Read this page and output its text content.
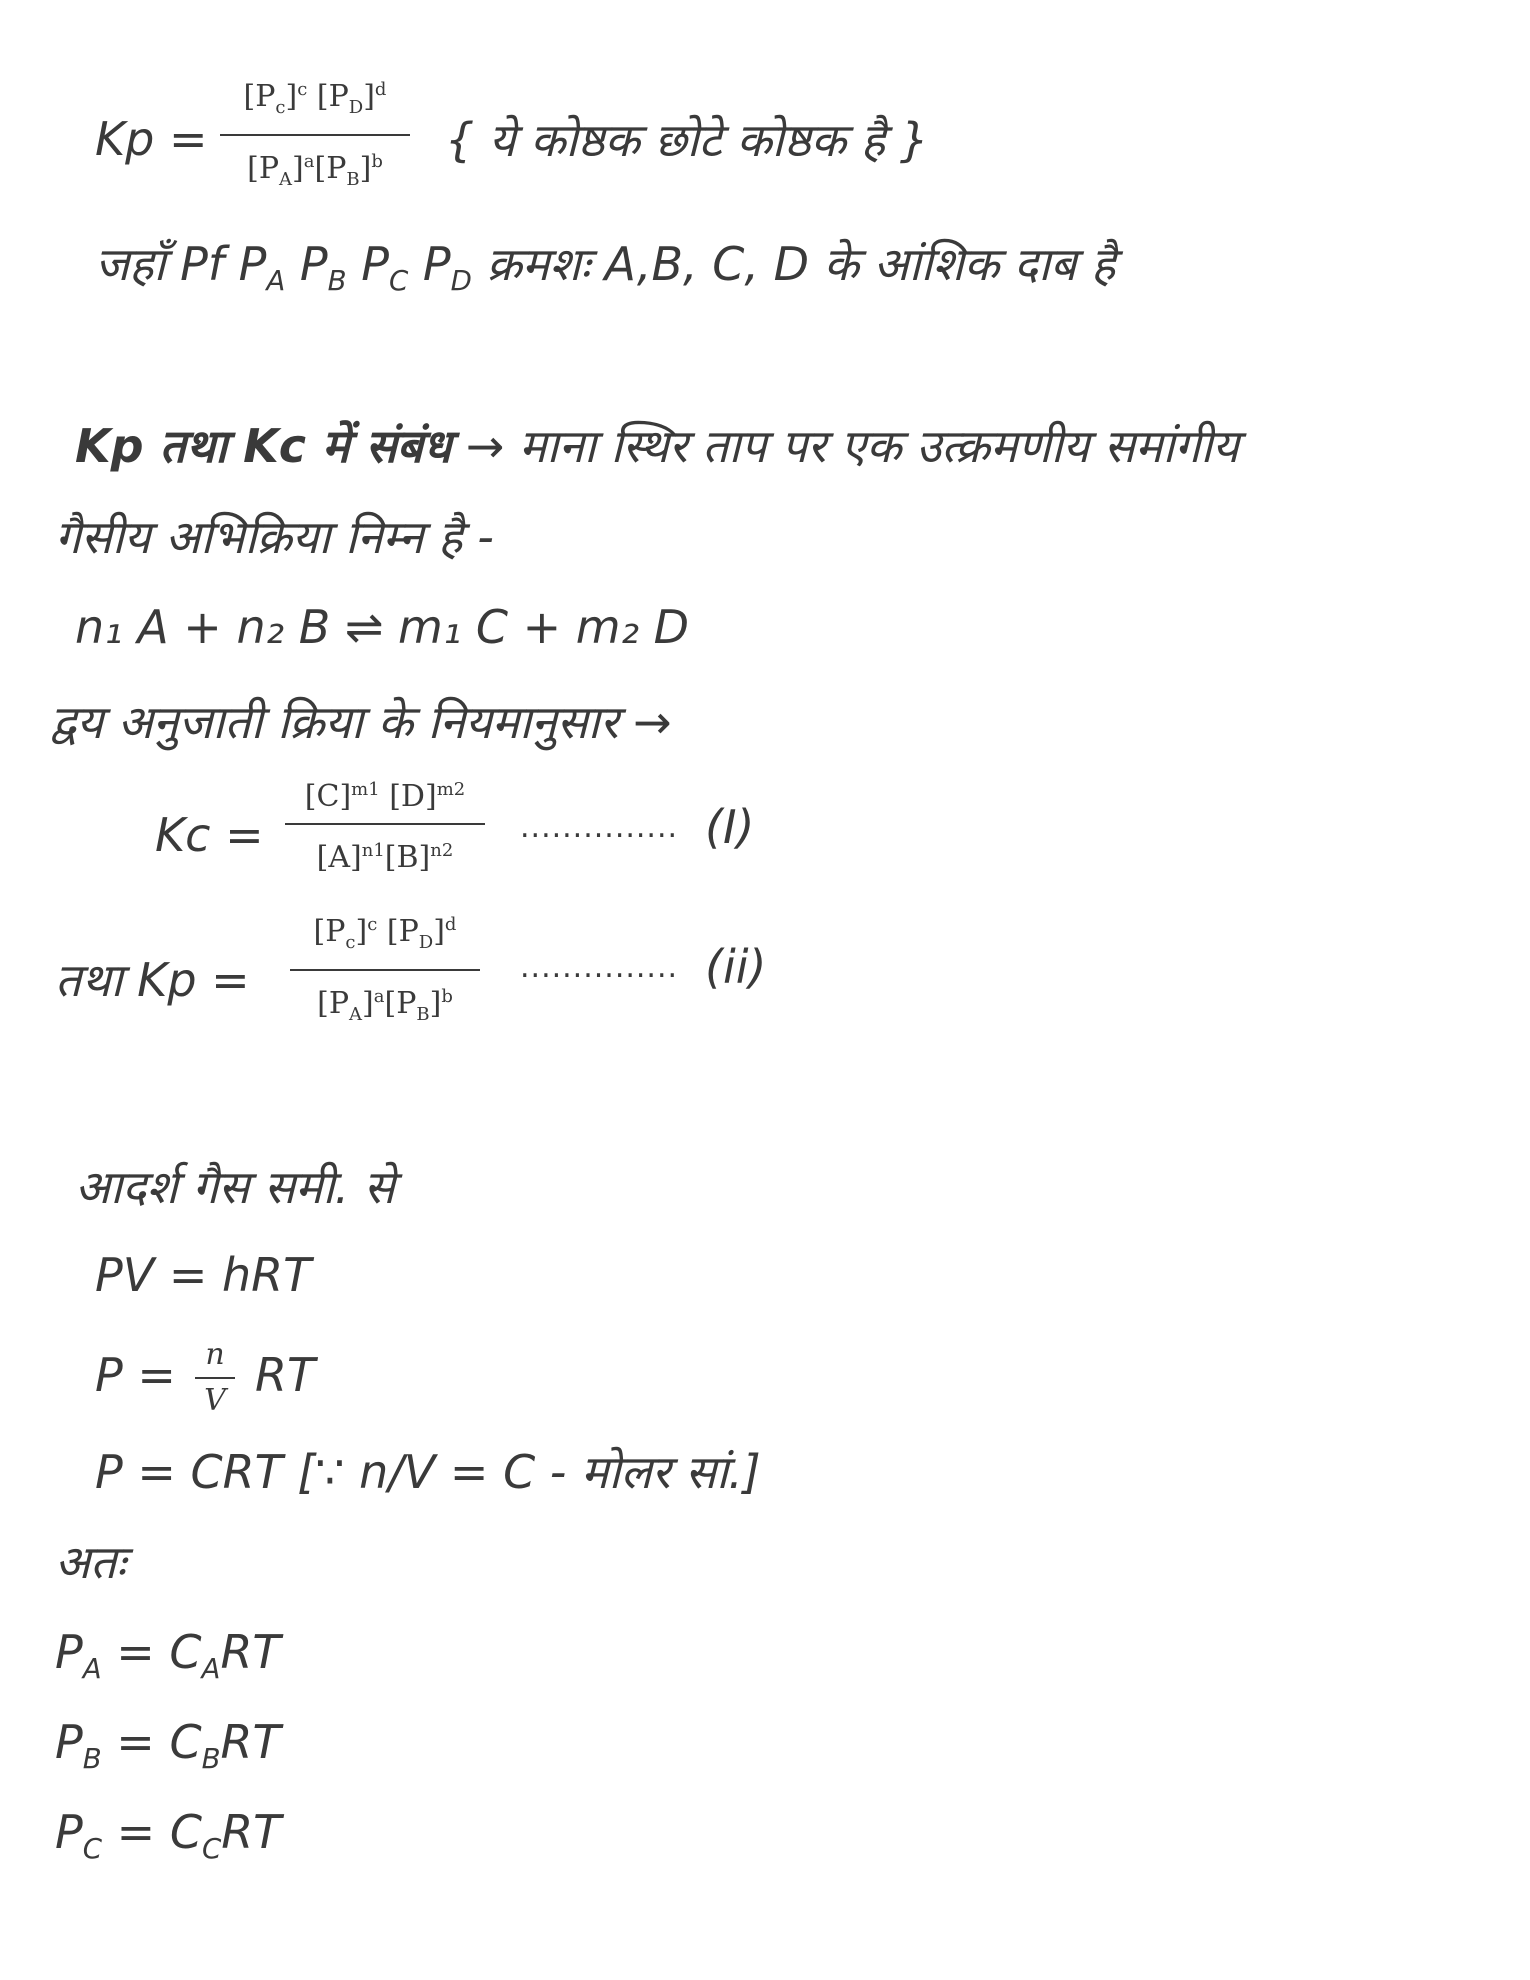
Kp =
$[P_c]^c$ $[P_D]^d$
$[P_A]^a[P_B]^b$	{ ये कोष्ठक छोटे कोष्ठक है }
जहाँ Pf $P_A$ $P_B$ $P_C$ $P_D$ क्रमशः A,B, C, D के आंशिक दाब है
Kp तथा Kc में संबंध → माना स्थिर ताप पर एक उत्क्रमणीय समांगीय
गैसीय अभिक्रिया निम्न है -
n₁ A + n₂ B ⇌ m₁ C + m₂ D
द्वय अनुजाती क्रिया के नियमानुसार →
Kc =
$[C]^{m1}$ $[D]^{m2}$
$[A]^{n1}[B]^{n2}$
............... (I)
तथा Kp =
$[P_c]^c$ $[P_D]^d$
$[P_A]^a[P_B]^b$
............... (ii)
आदर्श गैस समी. से
PV = hRT
P = n
V RT
P = CRT [∵ n/V = C - मोलर सां.]
अतः
$P_A = C_ART$
$P_B = C_BRT$
$P_C = C_CRT$
